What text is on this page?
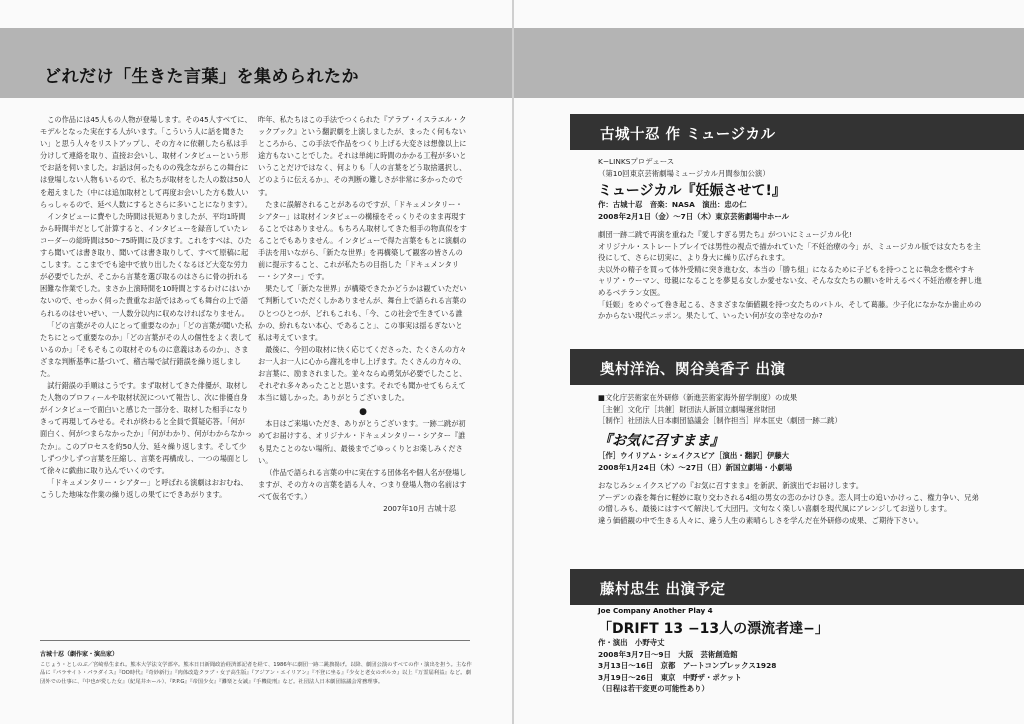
どれだけ「生きた言葉」を集められたか

この作品には45人もの人物が登場します。その45人すべてに、モデルとなった実在する人がいます。「こういう人に話を聞きたい」と思う人々をリストアップし、その方々に依頼したら私は手分けして連絡を取り、直接お会いし、取材インタビューという形でお話を伺いました。お話は何ったものの残念ながらこの舞台には登場しない人物もいるので、私たちが取材をした人の数は50人を超えました（中には追加取材として再度お会いした方も数人いらっしゃるので、延べ人数にするとさらに多いことになります）。

インタビューに費やした時間は長短ありましたが、平均1時間から時間半だとして計算すると、インタビューを録音していたレコーダーの総時間は50〜75時間に及びます。これをすべは、ひたすら聞いては書き取り、聞いては書き取りして、すべて原稿に起こします。ここまででも途中で放り出したくなるほど大変な労力が必要でしたが、そこから言葉を選び取るのはさらに骨の折れる困難な作業でした。まさか上演時間を10時間とするわけにはいかないので、せっかく伺った貴重なお話ではあっても舞台の上で語られるのはせいぜい、一人数分以内に収めなければなりません。

「どの言葉がその人にとって重要なのか」「どの言葉が聞いた私たちにとって重要なのか」「どの言葉がその人の個性をよく表しているのか」「そもそもこの取材そのものに意義はあるのか」、さまざまな判断基準に基づいて、稽古場で試行錯誤を繰り返しました。

試行錯誤の手順はこうです。まず取材してきた俳優が、取材した人物のプロフィールや取材状況について報告し、次に俳優自身がインタビューで面白いと感じた一部分を、取材した相手になりきって再現してみせる。それが終わると全員で質疑応答。「何が面白く、何がつまらなかったか」「何がわかり、何がわからなかったか」。このプロセスを約50人分、延々繰り返します。そして少しずつ少しずつ言葉を圧縮し、言葉を再構成し、一つの場面として徐々に戯曲に取り込んでいくのです。

「ドキュメンタリー・シアター」と呼ばれる演劇はおおむね、こうした地味な作業の繰り返しの果てにできあがります。

昨年、私たちはこの手法でつくられた『アラブ・イスラエル・クックブック』という翻訳劇を上演しましたが、まったく何もないところから、この手法で作品をつくり上げる大変さは想像以上に途方もないことでした。それは単純に時間のかかる工程が多いということだけではなく、何よりも「人の言葉をどう取捨選択し、どのように伝えるか」、その判断の難しさが非常に多かったのです。

たまに誤解されることがあるのですが、「ドキュメンタリー・シアター」は取材インタビューの構様をそっくりそのまま再現することではありません。もちろん取材してきた相手の物真似をすることでもありません。インタビューで得た言葉をもとに演劇の手法を用いながら、「新たな世界」を再構築して観客の皆さんの前に提示すること、これが私たちの目指した「ドキュメンタリー・シアター」です。

果たして「新たな世界」が構築できたかどうかは観ていただいて判断していただくしかありませんが、舞台上で語られる言葉のひとつひとつが、どれもこれも、「今、この社会で生きている誰かの、紛れもない本心、であること」、この事実は揺るぎないと私は考えています。

最後に、今回の取材に快く応じてくださった、たくさんの方々お一人お一人に心から謝礼を申し上げます。たくさんの方々の、お言葉に、励まされました。並々ならぬ勇気が必要でしたこと、それぞれ多々あったことと思います。それでも聞かせてもらえて本当に嬉しかった。ありがとうございました。

●

本日はご来場いただき、ありがとうございます。一跡二跳が初めてお届けする、オリジナル・ドキュメンタリー・シアター『誰も見たことのない場所』、最後までごゆっくりとお楽しみください。

（作品で語られる言葉の中に実在する団体名や個人名が登場しますが、その方々の言葉を語る人々、つまり登場人物の名前はすべて仮名です。）

2007年10月 古城十忍

古城十忍（劇作家・演出家）
こじょう・としのぶ／宮崎県生まれ。熊本大学法文学部卒。熊本日日新聞政治経済部記者を経て、1986年に劇団一跡二跳旗揚げ。以降、劇団公演のすべての作・演出を担う。主な作品に『パラサイト・パラダイス』『OO時代』『奇妙新行』『肉体改造クラブ・女子高生版』『アジアン・エイリアン』『不登に坐る』『少女と老女のポルカ』以上『万霊届利益』など。劇団外での仕事に、『中也が愛した女』（紀尾井ホール）、『P.P.G』『帝国少女』『灘楽と女誠』『手機徒刑』など。社団法人日本劇団協議会常務理事。
古城十忍 作 ミュージカル
K−LINKSプロデュース
（第10回東京芸術劇場ミュージカル月間参加公演）
ミュージカル『妊娠させて!』
作：古城十忍　音楽：NASA　演出：忠の仁
2008年2月1日（金）〜7日（木）東京芸術劇場中ホール
劇団一跡二跳で再演を重ねた『愛しすぎる男たち』がついにミュージカル化!
オリジナル・ストレートプレイでは男性の視点で描かれていた「不妊治療の今」が、ミュージカル版では女たちを主役にして、さらに切実に、より身大に繰り広げられます。
夫以外の精子を買って体外受精に突き進む女、本当の「勝ち組」になるために子どもを持つことに執念を燃やすキャリア・ウーマン、母親になることを夢見る女しか愛せない女、そんな女たちの願いを叶えるべく不妊治療を押し進めるベテラン女医。
「妊娠」をめぐって巻き起こる、さまざまな価値観を持つ女たちのバトル、そして葛藤。少子化になかなか歯止めのかからない現代ニッポン。果たして、いったい何が女の幸せなのか?
奥村洋治、関谷美香子 出演
■文化庁芸術家在外研修（新進芸術家海外留学制度）の成果
［主催］文化庁［共催］財団法人新国立劇場運営財団
［制作］社団法人日本劇団協議会［制作担当］岸本匡史（劇団一跡二跳）
『お気に召すまま』
［作］ウイリアム・シェイクスピア［演出・翻訳］伊藤大
2008年1月24日（木）〜27日（日）新国立劇場・小劇場
おなじみシェイクスピアの『お気に召すまま』を新訳、新演出でお届けします。
アーデンの森を舞台に軽妙に取り交わされる4組の男女の恋のかけひき。恋人同士の追いかけっこ、権力争い、兄弟の憎しみも、最後にはすべて解決して大団円。文句なく楽しい喜劇を現代風にアレンジしてお送りします。
違う価値観の中で生きる人々に、違う人生の素晴らしさを学んだ在外研修の成果、ご期待下さい。
藤村忠生 出演予定
Joe Company Another Play 4
「DRIFT 13 −13人の漂流者達−」
作・演出　小野寺丈
2008年3月7日〜9日　大阪　芸術創造館
3月13日〜16日　京都　アートコンプレックス1928
3月19日〜26日　東京　中野ザ・ポケット
（日程は若干変更の可能性あり）
